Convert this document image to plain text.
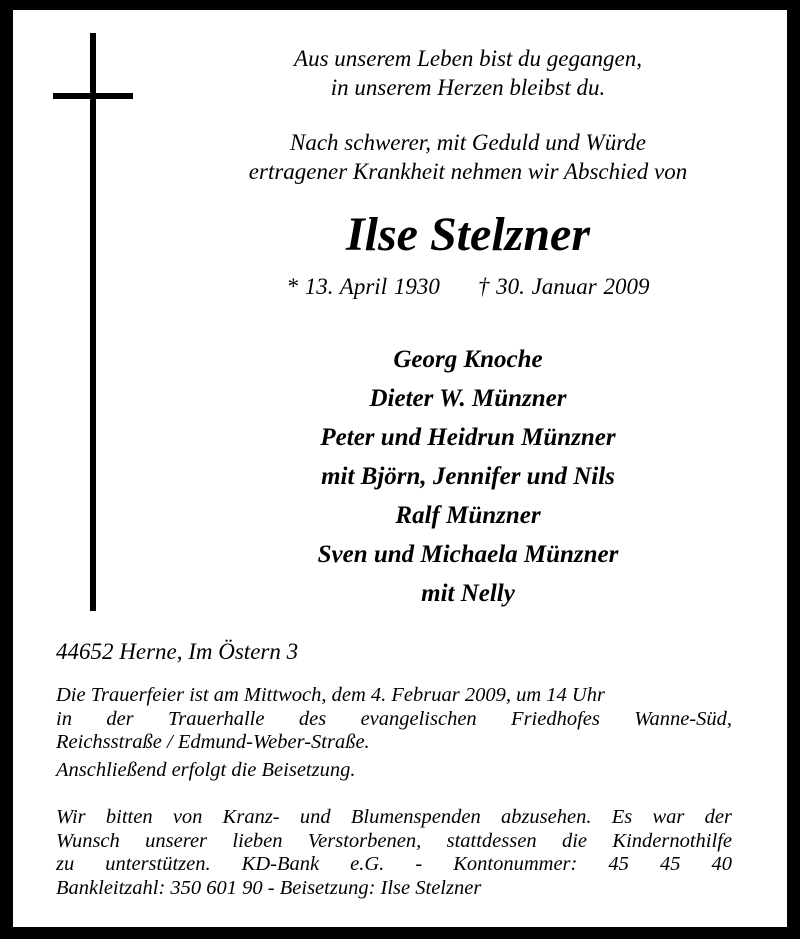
Aus unserem Leben bist du gegangen,
in unserem Herzen bleibst du.
Nach schwerer, mit Geduld und Würde
ertragener Krankheit nehmen wir Abschied von
Ilse Stelzner
* 13. April 1930 † 30. Januar 2009
Georg Knoche
Dieter W. Münzner
Peter und Heidrun Münzner
mit Björn, Jennifer und Nils
Ralf Münzner
Sven und Michaela Münzner
mit Nelly
44652 Herne, Im Östern 3
Die Trauerfeier ist am Mittwoch, dem 4. Februar 2009, um 14 Uhr
in der Trauerhalle des evangelischen Friedhofes Wanne-Süd,
Reichsstraße / Edmund-Weber-Straße.
Anschließend erfolgt die Beisetzung.
Wir bitten von Kranz- und Blumenspenden abzusehen. Es war der
Wunsch unserer lieben Verstorbenen, stattdessen die Kindernothilfe
zu unterstützen. KD-Bank e.G. - Kontonummer: 45 45 40
Bankleitzahl: 350 601 90 - Beisetzung: Ilse Stelzner
